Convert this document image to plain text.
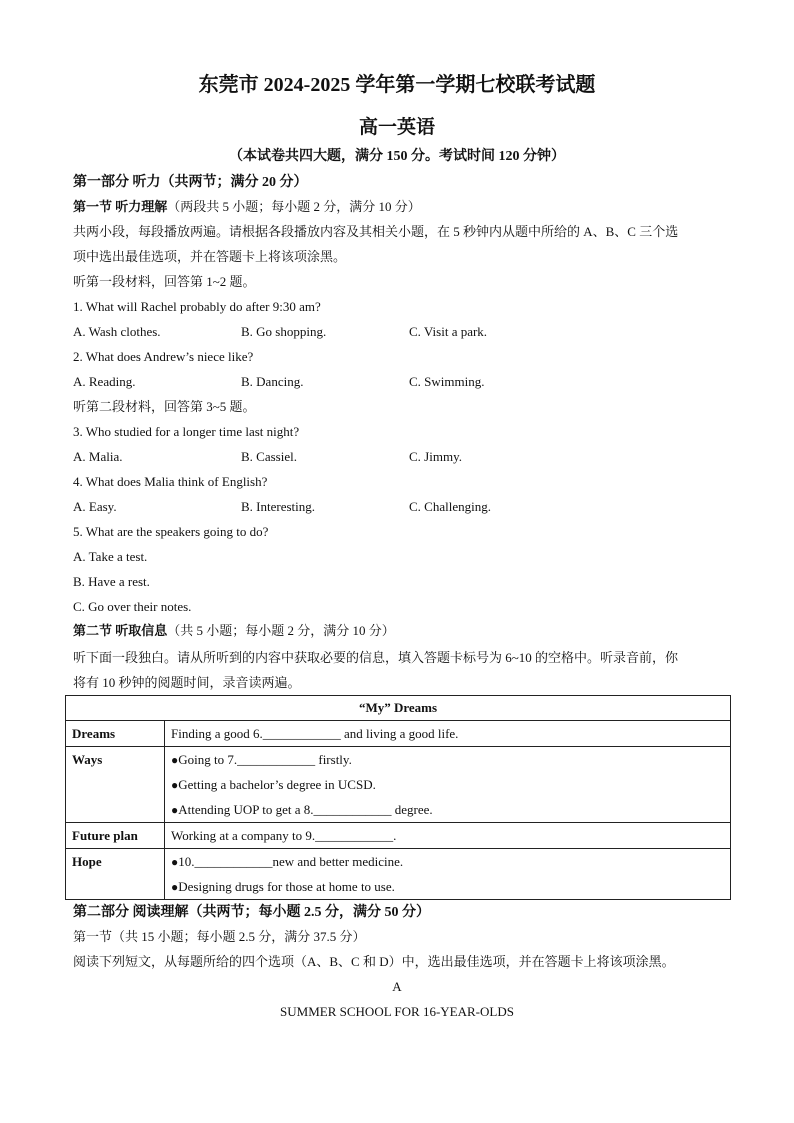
东莞市 2024-2025 学年第一学期七校联考试题
高一英语
（本试卷共四大题，满分 150 分。考试时间 120 分钟）
第一部分 听力（共两节；满分 20 分）
第一节 听力理解（两段共 5 小题；每小题 2 分，满分 10 分）
共两小段，每段播放两遍。请根据各段播放内容及其相关小题，在 5 秒钟内从题中所给的 A、B、C 三个选
项中选出最佳选项，并在答题卡上将该项涂黑。
听第一段材料，回答第 1~2 题。
1. What will Rachel probably do after 9:30 am?
A. Wash clothes.	B. Go shopping.	C. Visit a park.
2. What does Andrew’s niece like?
A. Reading.	B. Dancing.	C. Swimming.
听第二段材料，回答第 3~5 题。
3. Who studied for a longer time last night?
A. Malia.	B. Cassiel.	C. Jimmy.
4. What does Malia think of English?
A. Easy.	B. Interesting.	C. Challenging.
5. What are the speakers going to do?
A. Take a test.
B. Have a rest.
C. Go over their notes.
第二节 听取信息（共 5 小题；每小题 2 分，满分 10 分）
听下面一段独白。请从所听到的内容中获取必要的信息，填入答题卡标号为 6~10 的空格中。听录音前，你
将有 10 秒钟的阅题时间，录音读两遍。
“My” Dreams	

Dreams	Finding a good 6.____________ and living a good life.

Ways	●Going to 7.____________ firstly.
●Getting a bachelor’s degree in UCSD.
●Attending UOP to get a 8.____________ degree.

Future plan	Working at a company to 9.____________.

Hope	●10.____________new and better medicine.
●Designing drugs for those at home to use.
第二部分 阅读理解（共两节；每小题 2.5 分，满分 50 分）
第一节（共 15 小题；每小题 2.5 分，满分 37.5 分）
阅读下列短文，从每题所给的四个选项（A、B、C 和 D）中，选出最佳选项，并在答题卡上将该项涂黑。
A
SUMMER SCHOOL FOR 16-YEAR-OLDS
